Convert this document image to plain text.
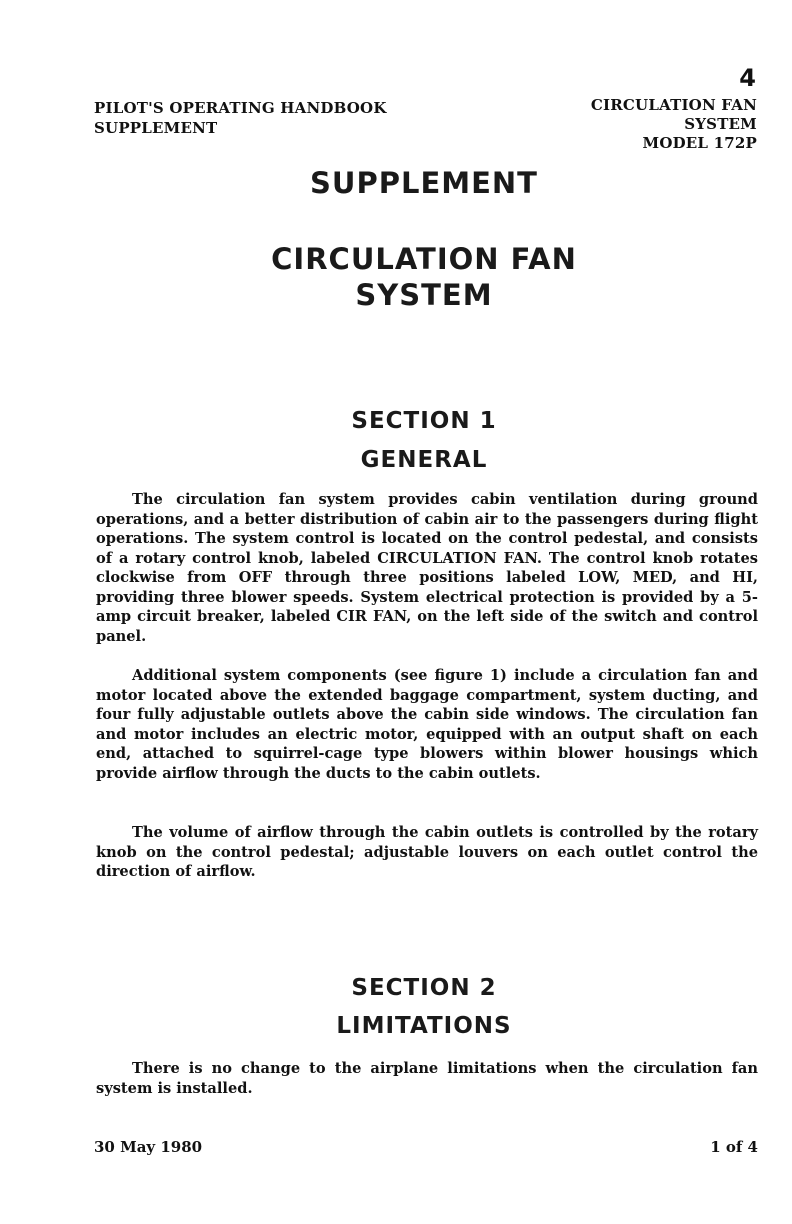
4
PILOT'S OPERATING HANDBOOK
SUPPLEMENT
CIRCULATION FAN
SYSTEM
MODEL 172P
SUPPLEMENT
CIRCULATION FAN
SYSTEM
SECTION 1
GENERAL

The circulation fan system provides cabin ventilation during ground operations, and a better distribution of cabin air to the passengers during flight operations. The system control is located on the control pedestal, and consists of a rotary control knob, labeled CIRCULATION FAN. The control knob rotates clockwise from OFF through three positions labeled LOW, MED, and HI, providing three blower speeds. System electrical protection is provided by a 5-amp circuit breaker, labeled CIR FAN, on the left side of the switch and control panel.

Additional system components (see figure 1) include a circulation fan and motor located above the extended baggage compartment, system ducting, and four fully adjustable outlets above the cabin side windows. The circulation fan and motor includes an electric motor, equipped with an output shaft on each end, attached to squirrel-cage type blowers within blower housings which provide airflow through the ducts to the cabin outlets.

The volume of airflow through the cabin outlets is controlled by the rotary knob on the control pedestal; adjustable louvers on each outlet control the direction of airflow.

SECTION 2
LIMITATIONS

There is no change to the airplane limitations when the circulation fan system is installed.

30 May 1980	1 of 4
